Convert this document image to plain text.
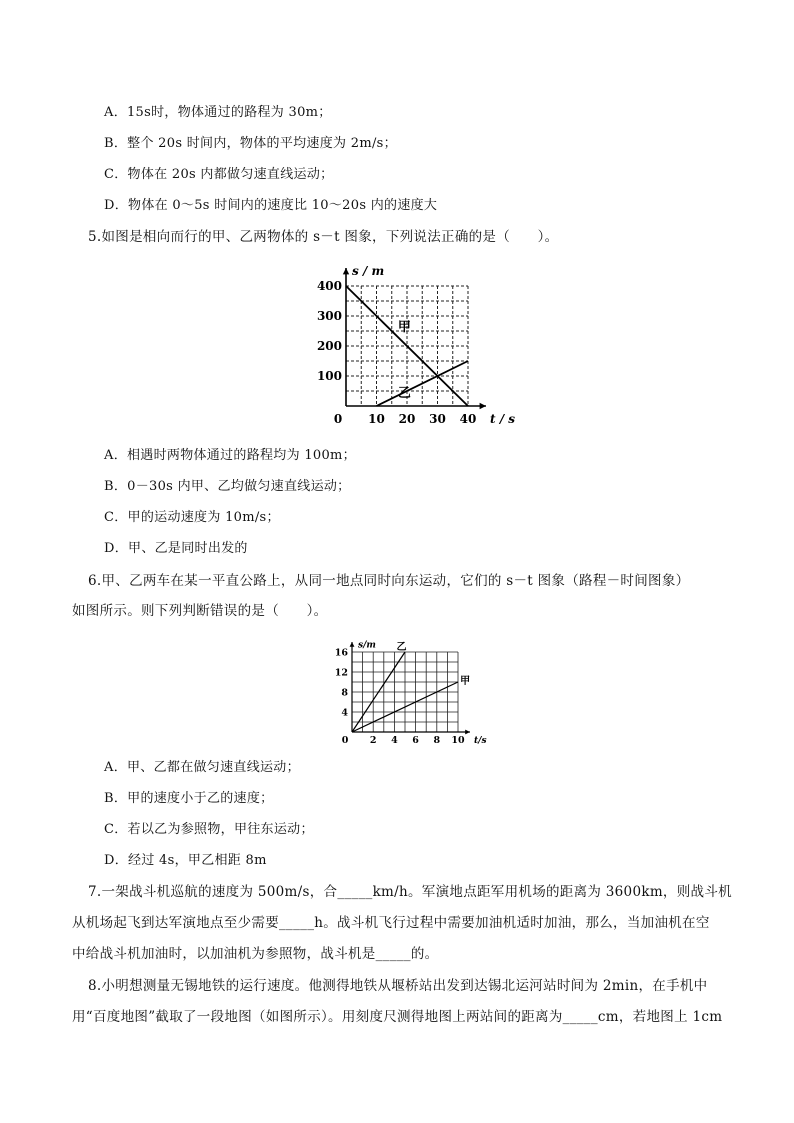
A．15s时，物体通过的路程为 30m；
B．整个 20s 时间内，物体的平均速度为 2m/s；
C．物体在 20s 内都做匀速直线运动；
D．物体在 0～5s 时间内的速度比 10～20s 内的速度大
5.如图是相向而行的甲、乙两物体的 s－t 图象，下列说法正确的是（　　）。
10 20 30 40
100
200
300
400
0	t / s
s / m
甲
乙
A．相遇时两物体通过的路程均为 100m；
B．0－30s 内甲、乙均做匀速直线运动；
C．甲的运动速度为 10m/s；
D．甲、乙是同时出发的
6.甲、乙两车在某一平直公路上，从同一地点同时向东运动，它们的 s－t 图象（路程－时间图象）
如图所示。则下列判断错误的是（　　）。
2 4 6 8 10
4
8
12
16
0	t/s
s/m 乙
甲
A．甲、乙都在做匀速直线运动；
B．甲的速度小于乙的速度；
C．若以乙为参照物，甲往东运动；
D．经过 4s，甲乙相距 8m
7.一架战斗机巡航的速度为 500m/s，合_____km/h。军演地点距军用机场的距离为 3600km，则战斗机
从机场起飞到达军演地点至少需要_____h。战斗机飞行过程中需要加油机适时加油，那么，当加油机在空
中给战斗机加油时，以加油机为参照物，战斗机是_____的。
8.小明想测量无锡地铁的运行速度。他测得地铁从堰桥站出发到达锡北运河站时间为 2min，在手机中
用“百度地图”截取了一段地图（如图所示）。用刻度尺测得地图上两站间的距离为_____cm，若地图上 1cm
